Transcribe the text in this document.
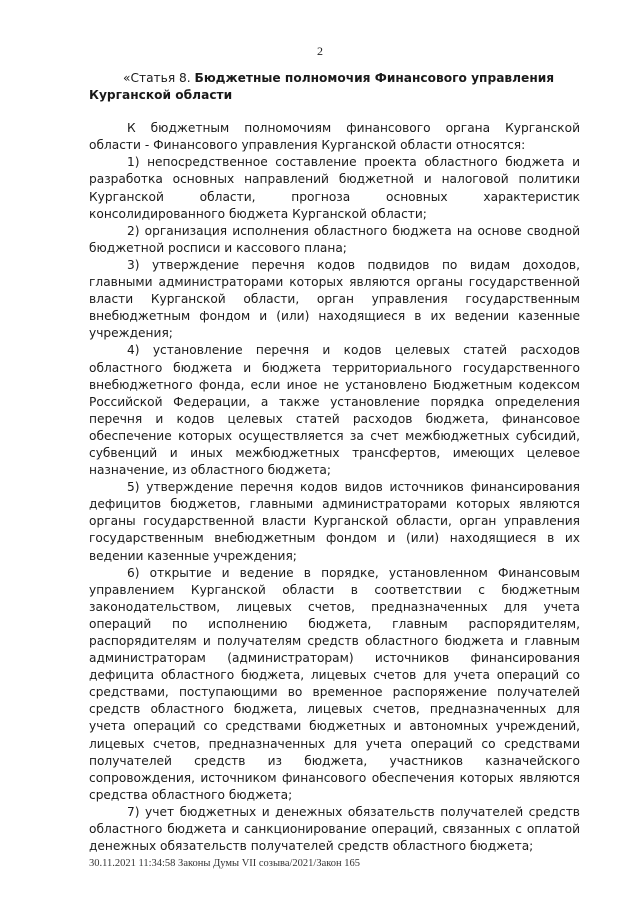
2

«Статья 8. Бюджетные полномочия Финансового управления
Курганской области

К бюджетным полномочиям финансового органа Курганской области - Финансового управления Курганской области относятся:

1) непосредственное составление проекта областного бюджета и разработка основных направлений бюджетной и налоговой политики Курганской области, прогноза основных характеристик консолидированного бюджета Курганской области;

2) организация исполнения областного бюджета на основе сводной бюджетной росписи и кассового плана;

3) утверждение перечня кодов подвидов по видам доходов, главными администраторами которых являются органы государственной власти Курганской области, орган управления государственным внебюджетным фондом и (или) находящиеся в их ведении казенные учреждения;

4) установление перечня и кодов целевых статей расходов областного бюджета и бюджета территориального государственного внебюджетного фонда, если иное не установлено Бюджетным кодексом Российской Федерации, а также установление порядка определения перечня и кодов целевых статей расходов бюджета, финансовое обеспечение которых осуществляется за счет межбюджетных субсидий, субвенций и иных межбюджетных трансфертов, имеющих целевое назначение, из областного бюджета;

5) утверждение перечня кодов видов источников финансирования дефицитов бюджетов, главными администраторами которых являются органы государственной власти Курганской области, орган управления государственным внебюджетным фондом и (или) находящиеся в их ведении казенные учреждения;

6) открытие и ведение в порядке, установленном Финансовым управлением Курганской области в соответствии с бюджетным законодательством, лицевых счетов, предназначенных для учета операций по исполнению бюджета, главным распорядителям, распорядителям и получателям средств областного бюджета и главным администраторам (администраторам) источников финансирования дефицита областного бюджета, лицевых счетов для учета операций со средствами, поступающими во временное распоряжение получателей средств областного бюджета, лицевых счетов, предназначенных для учета операций со средствами бюджетных и автономных учреждений, лицевых счетов, предназначенных для учета операций со средствами получателей средств из бюджета, участников казначейского сопровождения, источником финансового обеспечения которых являются средства областного бюджета;

7) учет бюджетных и денежных обязательств получателей средств областного бюджета и санкционирование операций, связанных с оплатой денежных обязательств получателей средств областного бюджета;

30.11.2021 11:34:58 Законы Думы VII созыва/2021/Закон 165
